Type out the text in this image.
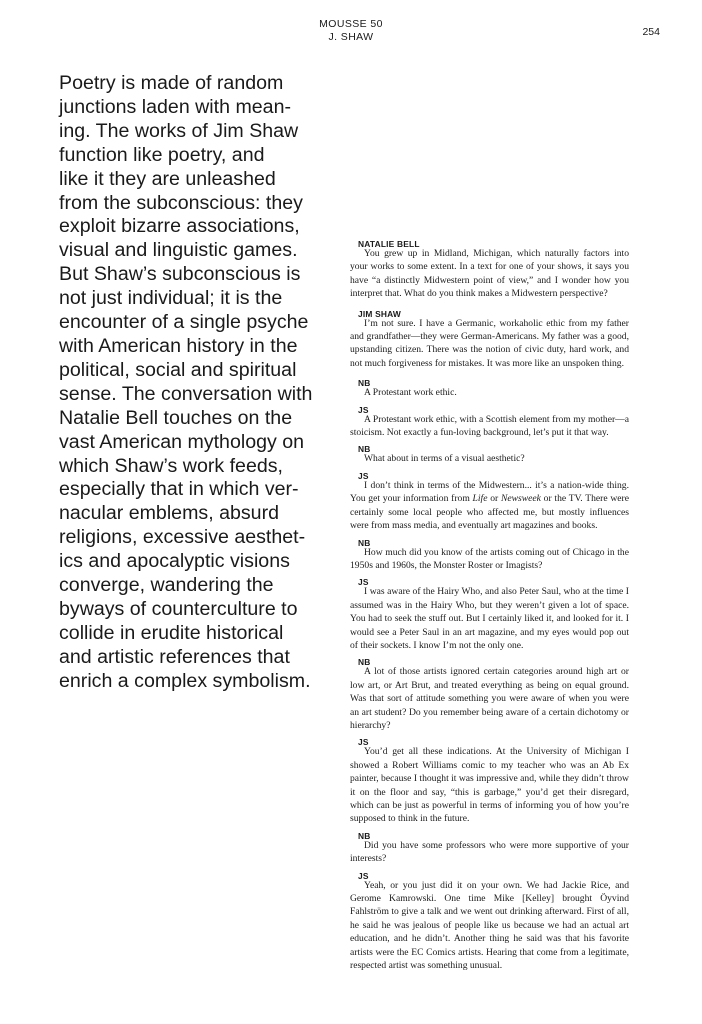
MOUSSE 50
J. SHAW	254
Poetry is made of random
junctions laden with mean-
ing. The works of Jim Shaw
function like poetry, and
like it they are unleashed
from the subconscious: they
exploit bizarre associations,
visual and linguistic games.
But Shaw’s subconscious is
not just individual; it is the
encounter of a single psyche
with American history in the
political, social and spiritual
sense. The conversation with
Natalie Bell touches on the
vast American mythology on
which Shaw’s work feeds,
especially that in which ver-
nacular emblems, absurd
religions, excessive aesthet-
ics and apocalyptic visions
converge, wandering the
byways of counterculture to
collide in erudite historical
and artistic references that
enrich a complex symbolism.
NATALIE BELL
You grew up in Midland, Michigan, which naturally factors into your works to some extent. In a text for one of your shows, it says you have “a distinctly Midwestern point of view,” and I wonder how you interpret that. What do you think makes a Midwestern perspective?
JIM SHAW
I’m not sure. I have a Germanic, workaholic ethic from my father and grandfather—they were German-Americans. My father was a good, upstanding citizen. There was the notion of civic duty, hard work, and not much forgiveness for mistakes. It was more like an unspoken thing.
NB
A Protestant work ethic.
JS
A Protestant work ethic, with a Scottish element from my mother—a stoicism. Not exactly a fun-loving background, let’s put it that way.
NB
What about in terms of a visual aesthetic?
JS
I don’t think in terms of the Midwestern... it’s a nation-wide thing. You get your information from Life or Newsweek or the TV. There were certainly some local people who affected me, but mostly influences were from mass media, and eventually art magazines and books.
NB
How much did you know of the artists coming out of Chicago in the 1950s and 1960s, the Monster Roster or Imagists?
JS
I was aware of the Hairy Who, and also Peter Saul, who at the time I assumed was in the Hairy Who, but they weren’t given a lot of space. You had to seek the stuff out. But I certainly liked it, and looked for it. I would see a Peter Saul in an art magazine, and my eyes would pop out of their sockets. I know I’m not the only one.
NB
A lot of those artists ignored certain categories around high art or low art, or Art Brut, and treated everything as being on equal ground. Was that sort of attitude something you were aware of when you were an art student? Do you remember being aware of a certain dichotomy or hierarchy?
JS
You’d get all these indications. At the University of Michigan I showed a Robert Williams comic to my teacher who was an Ab Ex painter, because I thought it was impressive and, while they didn’t throw it on the floor and say, “this is garbage,” you’d get their disregard, which can be just as powerful in terms of informing you of how you’re supposed to think in the future.
NB
Did you have some professors who were more supportive of your interests?
JS
Yeah, or you just did it on your own. We had Jackie Rice, and Gerome Kamrowski. One time Mike [Kelley] brought Öyvind Fahlström to give a talk and we went out drinking afterward. First of all, he said he was jealous of people like us because we had an actual art education, and he didn’t. Another thing he said was that his favorite artists were the EC Comics artists. Hearing that come from a legitimate, respected artist was something unusual.
